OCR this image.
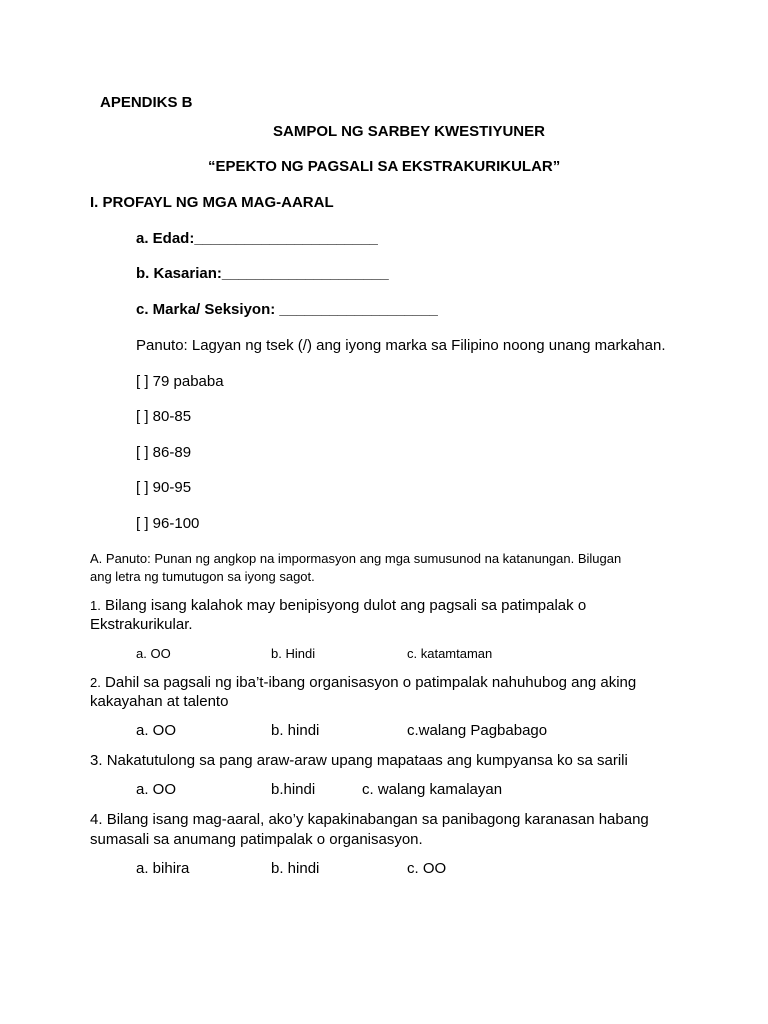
APENDIKS B
SAMPOL NG SARBEY KWESTIYUNER
“EPEKTO NG PAGSALI SA EKSTRAKURIKULAR”
I. PROFAYL NG MGA MAG-AARAL
a. Edad:______________________
b. Kasarian:____________________
c. Marka/ Seksiyon: ___________________
Panuto: Lagyan ng tsek (/) ang iyong marka sa Filipino noong unang markahan.
[ ] 79 pababa
[ ] 80-85
[ ] 86-89
[ ] 90-95
[ ] 96-100
A. Panuto: Punan ng angkop na impormasyon ang mga sumusunod na katanungan. Bilugan
ang letra ng tumutugon sa iyong sagot.
1. Bilang isang kalahok may benipisyong dulot ang pagsali sa patimpalak o
Ekstrakurikular.
a. OO	b. Hindi	c. katamtaman
2. Dahil sa pagsali ng iba’t-ibang organisasyon o patimpalak nahuhubog ang aking
kakayahan at talento
a. OO	b. hindi	c.walang Pagbabago
3. Nakatutulong sa pang araw-araw upang mapataas ang kumpyansa ko sa sarili
a. OO	b.hindi	c. walang kamalayan
4. Bilang isang mag-aaral, ako’y kapakinabangan sa panibagong karanasan habang
sumasali sa anumang patimpalak o organisasyon.
a. bihira	b. hindi	c. OO
